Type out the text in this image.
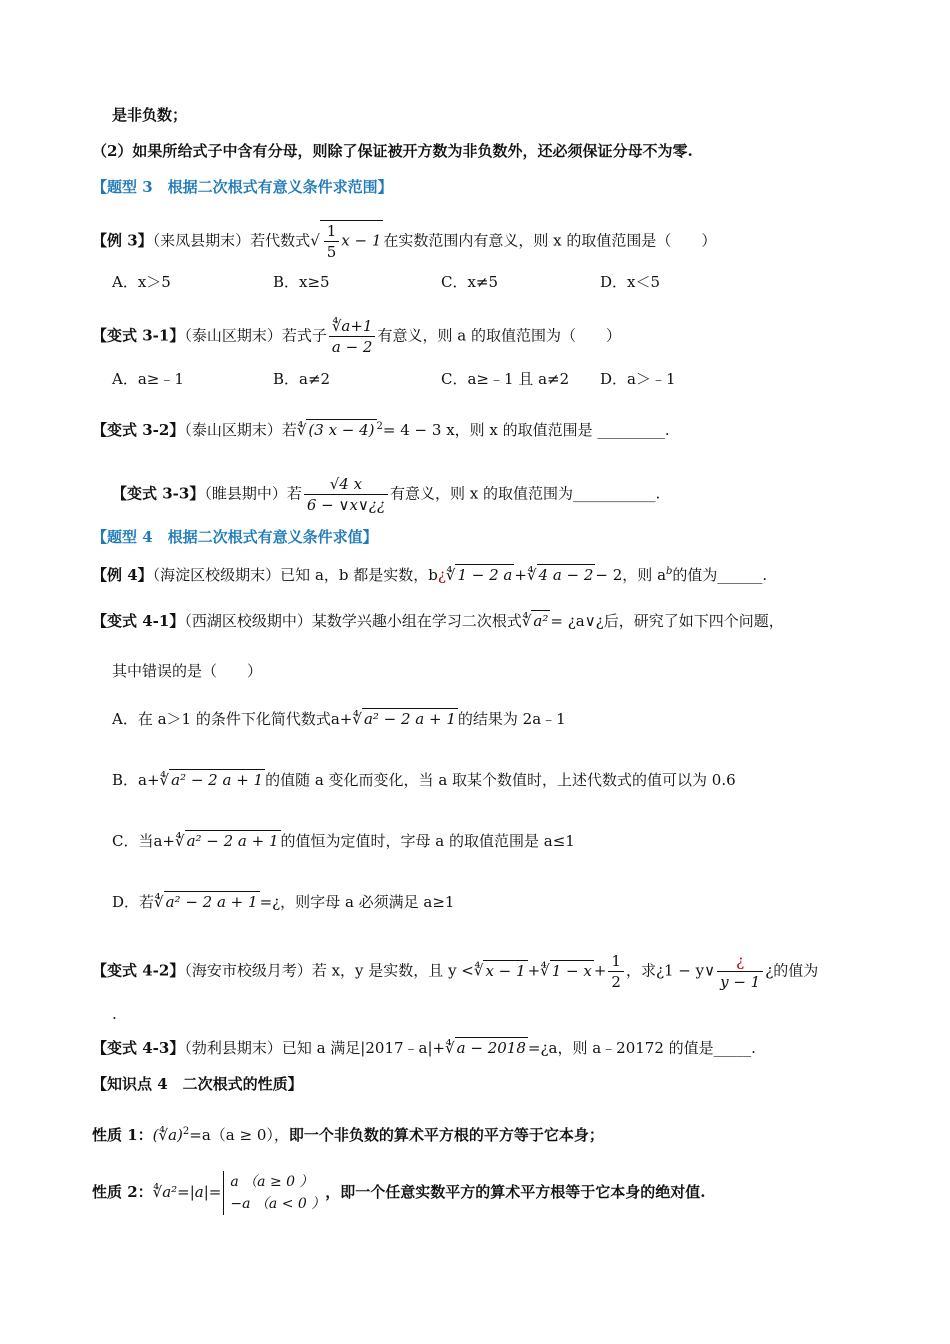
是非负数；
（2）如果所给式子中含有分母，则除了保证被开方数为非负数外，还必须保证分母不为零.
【题型 3　根据二次根式有意义条件求范围】
【例 3】（来凤县期末）若代数式√ $\frac{1}{5}$ x − 1 在实数范围内有意义，则 x 的取值范围是（　　）
A．x＞5	B．x≥5	C．x≠5	D．x＜5
【变式 3-1】（泰山区期末）若式子 $\frac{∜a+1}{a - 2}$ 有意义，则 a 的取值范围为（　　）
A．a≥﹣1	B．a≠2	C．a≥﹣1 且 a≠2 D．a＞﹣1
【变式 3-2】（泰山区期末）若∜ (3 x − 4) $^2$= 4 − 3 x，则 x 的取值范围是 _________.
【变式 3-3】（睢县期中）若 $\frac{√4 x}{6 - \vee x\vee¿¿}$ 有意义，则 x 的取值范围为___________.
【题型 4　根据二次根式有意义条件求值】
【例 4】（海淀区校级期末）已知 a，b 都是实数，b¿∜ 1 − 2 a +∜ 4 a − 2 − 2，则 $a^b$的值为______.
【变式 4-1】（西湖区校级期中）某数学兴趣小组在学习二次根式∜ a² = ¿a∨¿后，研究了如下四个问题，
其中错误的是（　　）
A．在 a＞1 的条件下化简代数式a+∜ a² − 2 a + 1 的结果为 2a﹣1
B．a+∜ a² − 2 a + 1 的值随 a 变化而变化，当 a 取某个数值时，上述代数式的值可以为 0.6
C．当a+∜ a² − 2 a + 1 的值恒为定值时，字母 a 的取值范围是 a≤1
D．若∜ a² − 2 a + 1 =¿，则字母 a 必须满足 a≥1
【变式 4-2】（海安市校级月考）若 x，y 是实数，且 y <∜ x − 1 +∜ $1 - x + \frac{1}{2}$ ，求¿1 − y∨ $\frac{¿}{y - 1}$ ¿的值为
.
【变式 4-3】（勃利县期末）已知 a 满足|2017﹣a|+∜ a − 2018 =¿a，则 a﹣20172 的值是_____.
【知识点 4　二次根式的性质】
性质 1：(∜a)$^2$=a（a ≥ 0），即一个非负数的算术平方根的平方等于它本身；
性质 2：∜a²=|a|=
a （a ≥ 0 ）
−a （a < 0 ）
，即一个任意实数平方的算术平方根等于它本身的绝对值.
